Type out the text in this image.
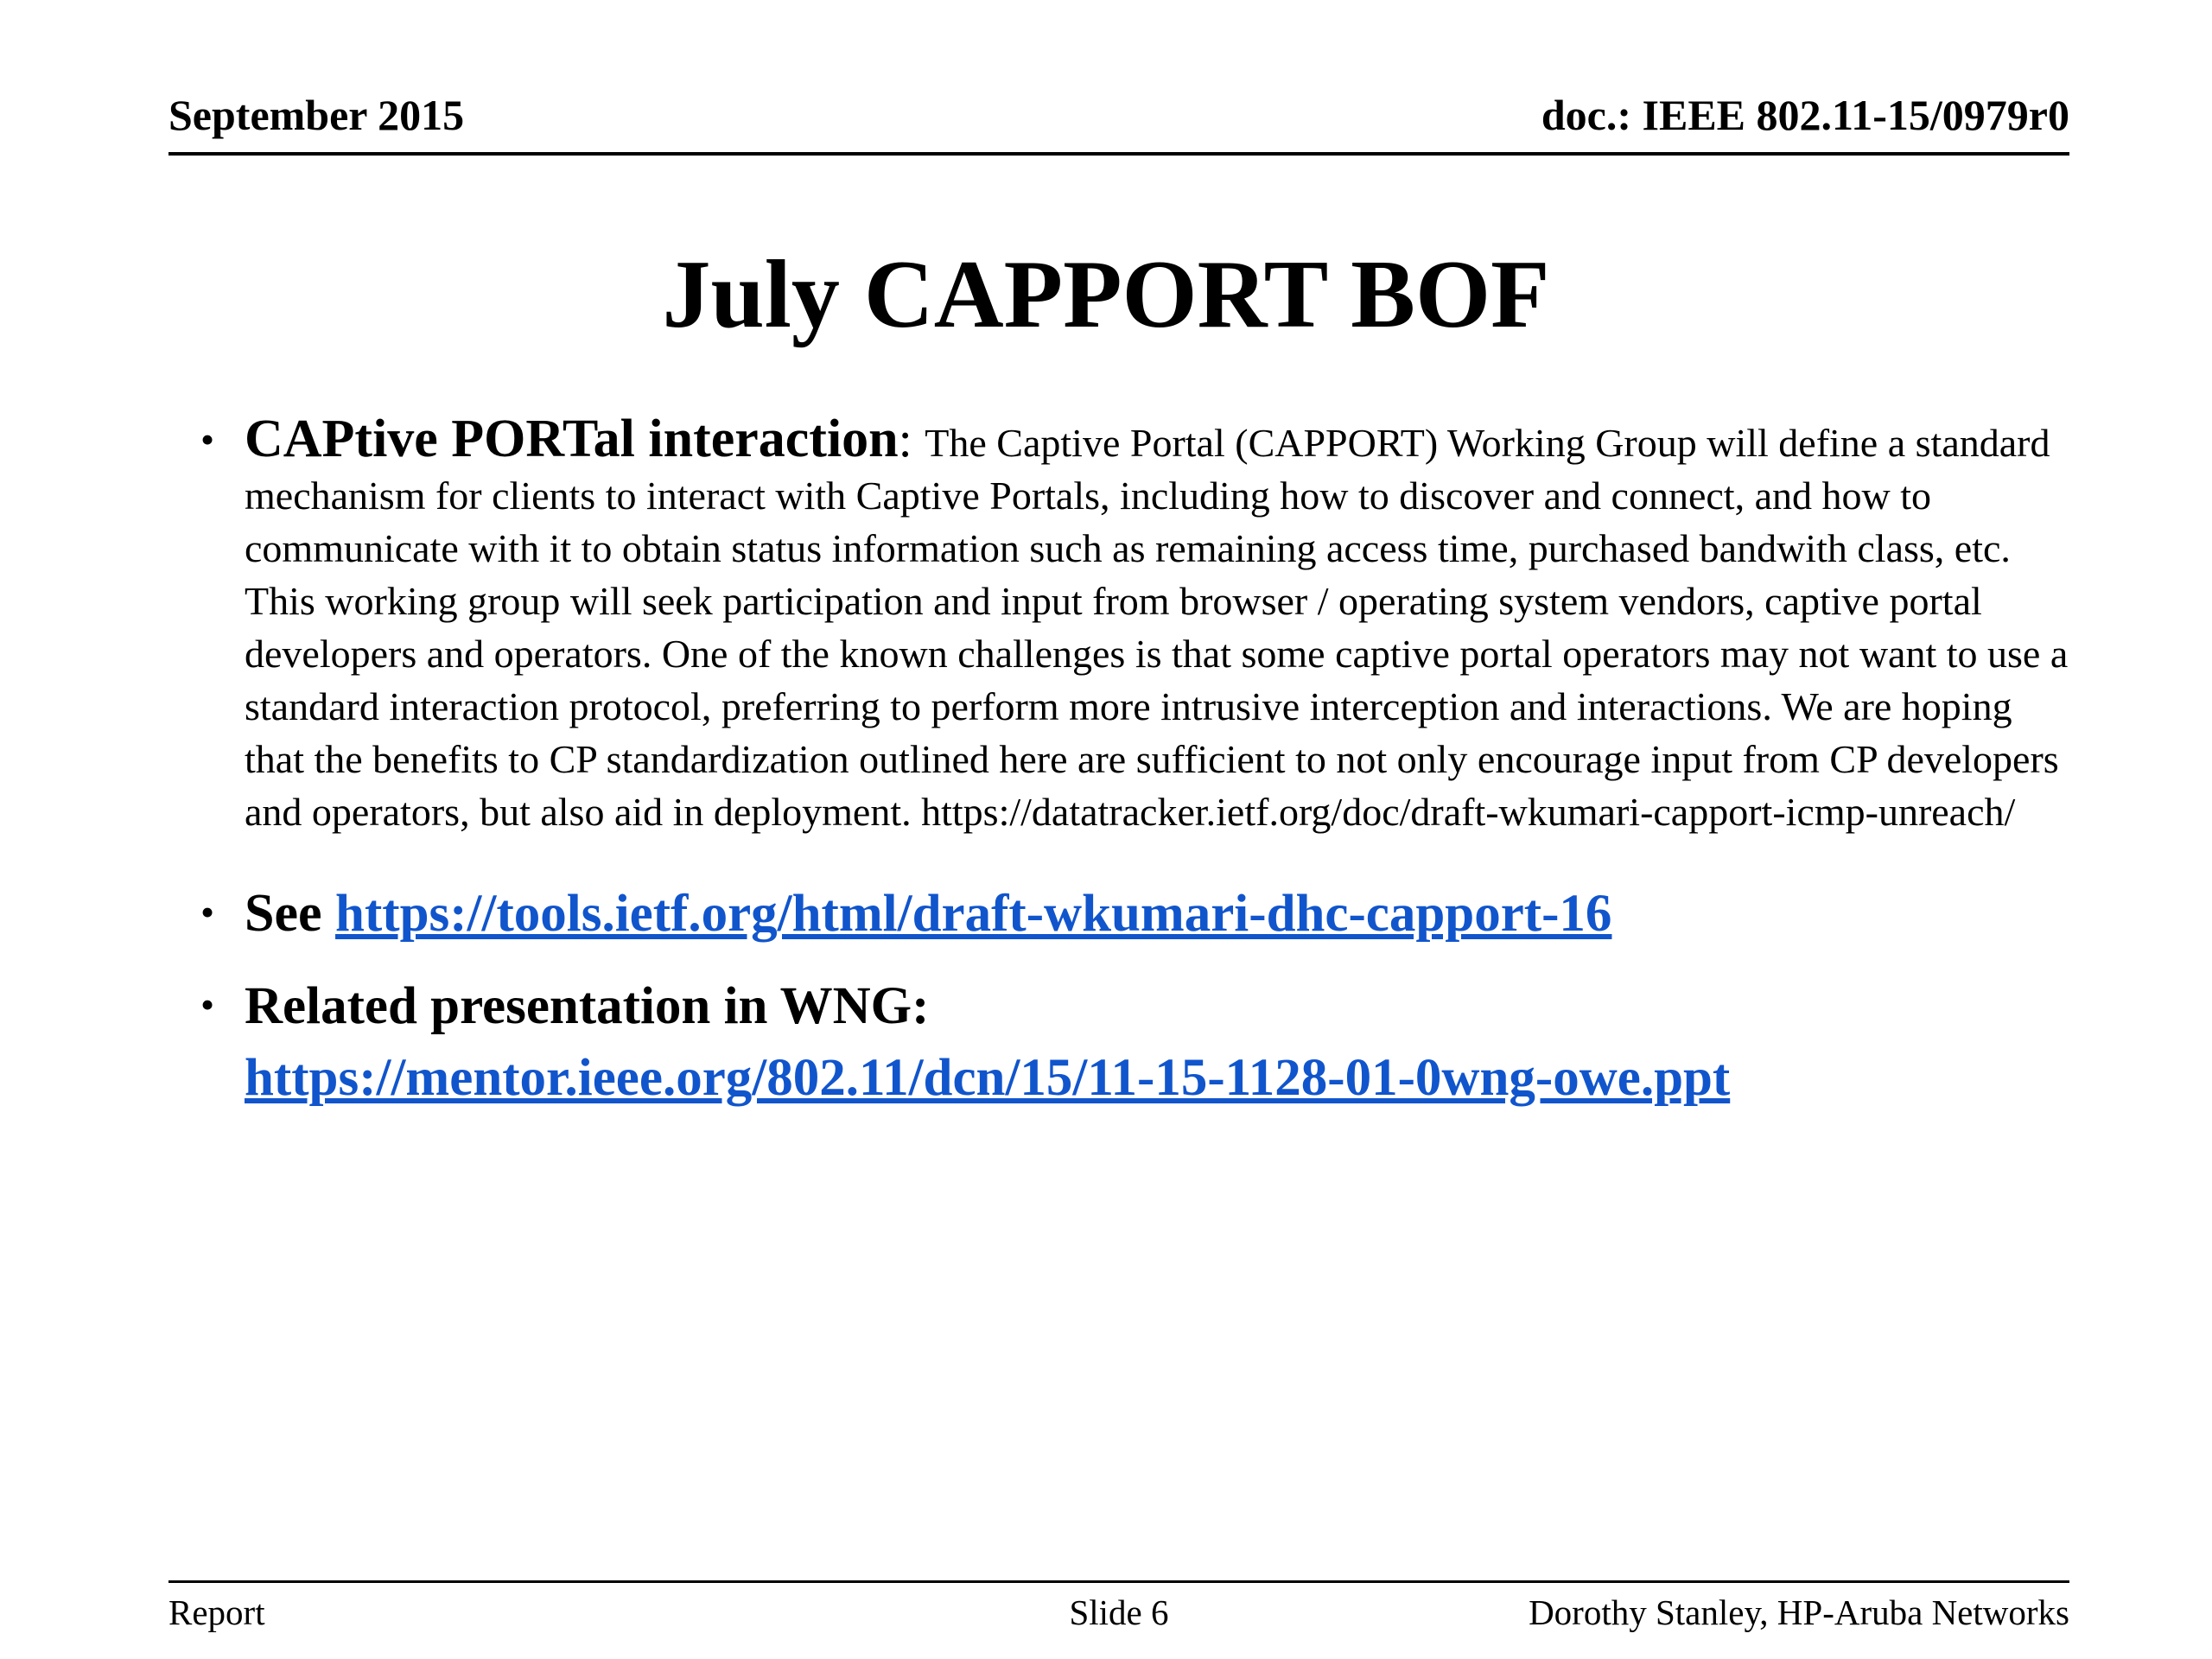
September 2015	doc.: IEEE 802.11-15/0979r0
July CAPPORT BOF
• CAPtive PORTal interaction: The Captive Portal (CAPPORT) Working Group will define a standard mechanism for clients to interact with Captive Portals, including how to discover and connect, and how to communicate with it to obtain status information such as remaining access time, purchased bandwith class, etc. This working group will seek participation and input from browser / operating system vendors, captive portal developers and operators. One of the known challenges is that some captive portal operators may not want to use a standard interaction protocol, preferring to perform more intrusive interception and interactions. We are hoping that the benefits to CP standardization outlined here are sufficient to not only encourage input from CP developers and operators, but also aid in deployment. https://datatracker.ietf.org/doc/draft-wkumari-capport-icmp-unreach/

• See https://tools.ietf.org/html/draft-wkumari-dhc-capport-16

• Related presentation in WNG:
https://mentor.ieee.org/802.11/dcn/15/11-15-1128-01-0wng-owe.ppt

Report	Slide 6	Dorothy Stanley, HP-Aruba Networks
